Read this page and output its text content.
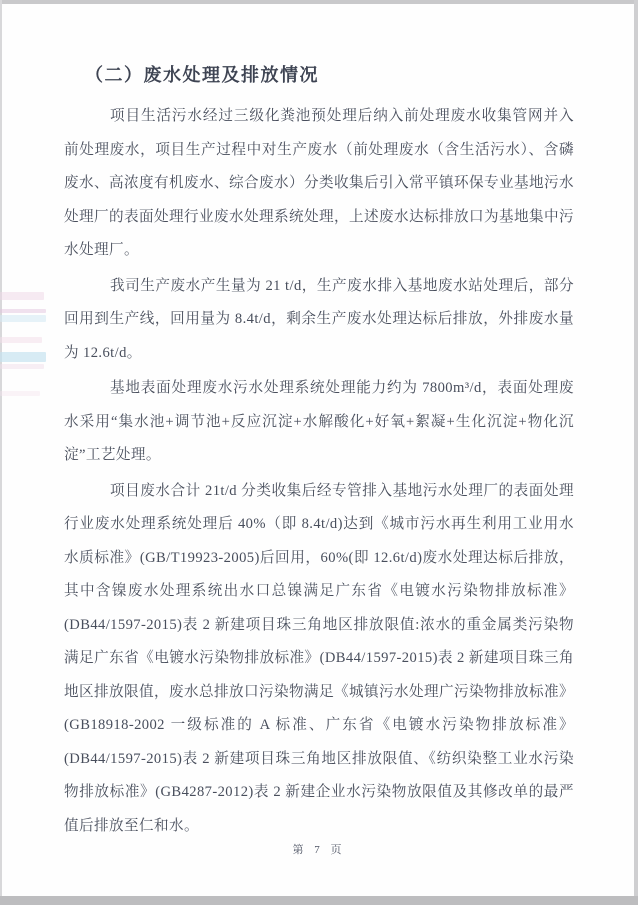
（二）废水处理及排放情况

项目生活污水经过三级化粪池预处理后纳入前处理废水收集管网并入前处理废水，项目生产过程中对生产废水（前处理废水（含生活污水）、含磷废水、高浓度有机废水、综合废水）分类收集后引入常平镇环保专业基地污水处理厂的表面处理行业废水处理系统处理，上述废水达标排放口为基地集中污水处理厂。

我司生产废水产生量为 21 t/d，生产废水排入基地废水站处理后，部分回用到生产线，回用量为 8.4t/d，剩余生产废水处理达标后排放，外排废水量为 12.6t/d。

基地表面处理废水污水处理系统处理能力约为 7800m³/d，表面处理废水采用“集水池+调节池+反应沉淀+水解酸化+好氧+絮凝+生化沉淀+物化沉淀”工艺处理。

项目废水合计 21t/d 分类收集后经专管排入基地污水处理厂的表面处理行业废水处理系统处理后 40%（即 8.4t/d)达到《城市污水再生利用工业用水水质标准》(GB/T19923-2005)后回用，60%(即 12.6t/d)废水处理达标后排放，其中含镍废水处理系统出水口总镍满足广东省《电镀水污染物排放标准》(DB44/1597-2015)表 2 新建项目珠三角地区排放限值:浓水的重金属类污染物满足广东省《电镀水污染物排放标准》(DB44/1597-2015)表 2 新建项目珠三角地区排放限值，废水总排放口污染物满足《城镇污水处理广污染物排放标准》(GB18918-2002 一级标准的 A 标准、广东省《电镀水污染物排放标准》(DB44/1597-2015)表 2 新建项目珠三角地区排放限值、《纺织染整工业水污染物排放标准》(GB4287-2012)表 2 新建企业水污染物放限值及其修改单的最严值后排放至仁和水。

第 7 页
